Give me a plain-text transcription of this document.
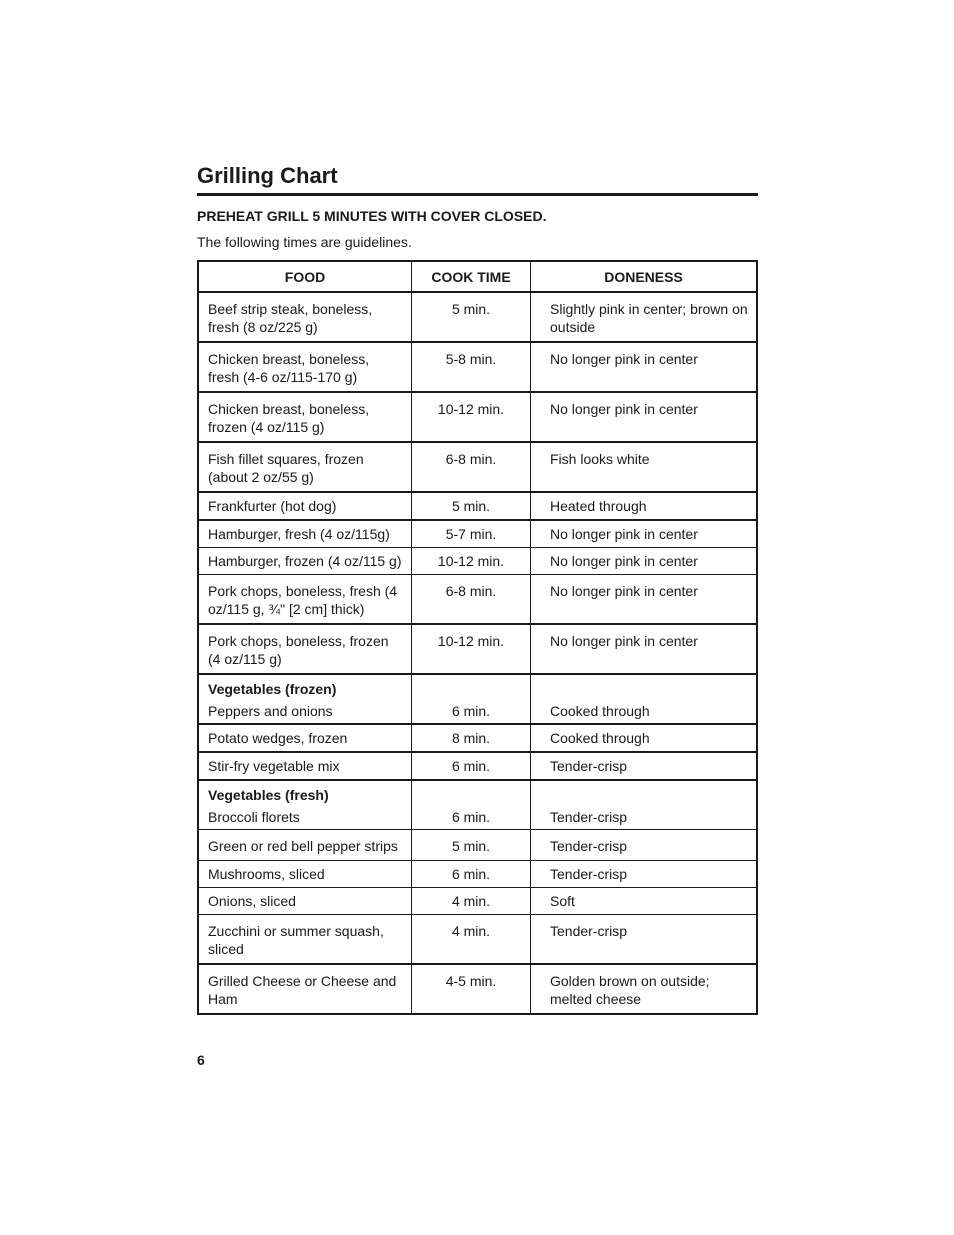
Grilling Chart
PREHEAT GRILL 5 MINUTES WITH COVER CLOSED.
The following times are guidelines.
FOOD	COOK TIME	DONENESS
Beef strip steak, boneless, fresh (8 oz/225 g)	5 min.	Slightly pink in center; brown on outside
Chicken breast, boneless, fresh (4-6 oz/115-170 g)	5-8 min.	No longer pink in center
Chicken breast, boneless, frozen (4 oz/115 g)	10-12 min.	No longer pink in center
Fish fillet squares, frozen (about 2 oz/55 g)	6-8 min.	Fish looks white
Frankfurter (hot dog)	5 min.	Heated through
Hamburger, fresh (4 oz/115g)	5-7 min.	No longer pink in center
Hamburger, frozen (4 oz/115 g)	10-12 min.	No longer pink in center
Pork chops, boneless, fresh (4 oz/115 g, ¾" [2 cm] thick)	6-8 min.	No longer pink in center
Pork chops, boneless, frozen (4 oz/115 g)	10-12 min.	No longer pink in center

Vegetables (frozen)
Peppers and onions	6 min.	Cooked through
Potato wedges, frozen	8 min.	Cooked through
Stir-fry vegetable mix	6 min.	Tender-crisp

Vegetables (fresh)
Broccoli florets	6 min.	Tender-crisp
Green or red bell pepper strips	5 min.	Tender-crisp
Mushrooms, sliced	6 min.	Tender-crisp
Onions, sliced	4 min.	Soft
Zucchini or summer squash, sliced	4 min.	Tender-crisp
Grilled Cheese or Cheese and Ham	4-5 min.	Golden brown on outside; melted cheese
6
